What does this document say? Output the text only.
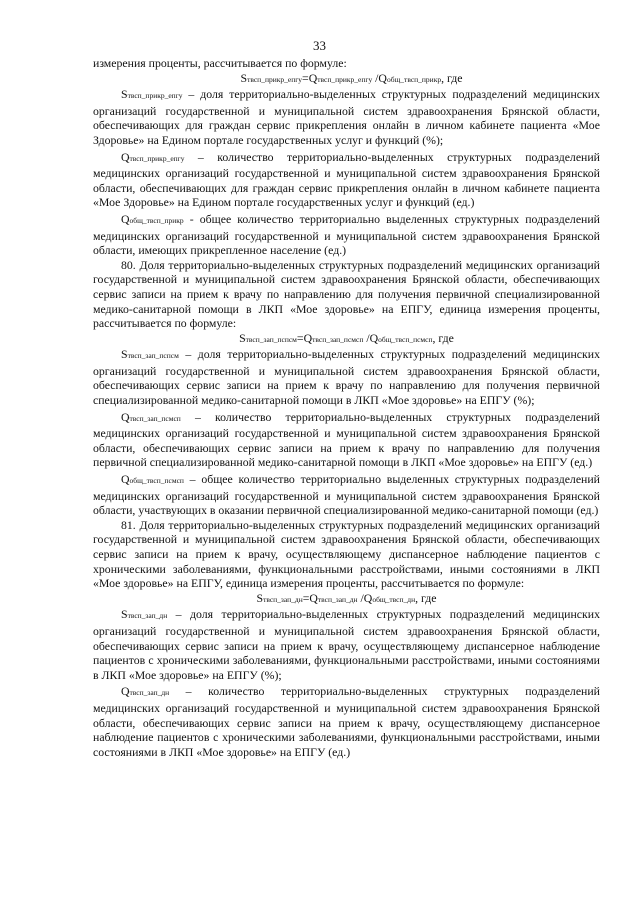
33

измерения проценты, рассчитывается по формуле:

Sтвсп_прикр_епгу=Qтвсп_прикр_епгу /Qобщ_твсп_прикр, где

Sтвсп_прикр_епгу – доля территориально-выделенных структурных подразделений медицинских организаций государственной и муниципальной систем здравоохранения Брянской области, обеспечивающих для граждан сервис прикрепления онлайн в личном кабинете пациента «Мое Здоровье» на Едином портале государственных услуг и функций (%);

Qтвсп_прикр_епгу – количество территориально-выделенных структурных подразделений медицинских организаций государственной и муниципальной систем здравоохранения Брянской области, обеспечивающих для граждан сервис прикрепления онлайн в личном кабинете пациента «Мое Здоровье» на Едином портале государственных услуг и функций (ед.)

Qобщ_твсп_прикр - общее количество территориально выделенных структурных подразделений медицинских организаций государственной и муниципальной систем здравоохранения Брянской области, имеющих прикрепленное население (ед.)

80. Доля территориально-выделенных структурных подразделений медицинских организаций государственной и муниципальной систем здравоохранения Брянской области, обеспечивающих сервис записи на прием к врачу по направлению для получения первичной специализированной медико-санитарной помощи в ЛКП «Мое здоровье» на ЕПГУ, единица измерения проценты, рассчитывается по формуле:

Sтвсп_зап_пспсм=Qтвсп_зап_псмсп /Qобщ_твсп_псмсп, где

Sтвсп_зап_пспсм – доля территориально-выделенных структурных подразделений медицинских организаций государственной и муниципальной систем здравоохранения Брянской области, обеспечивающих сервис записи на прием к врачу по направлению для получения первичной специализированной медико-санитарной помощи в ЛКП «Мое здоровье» на ЕПГУ (%);

Qтвсп_зап_псмсп – количество территориально-выделенных структурных подразделений медицинских организаций государственной и муниципальной систем здравоохранения Брянской области, обеспечивающих сервис записи на прием к врачу по направлению для получения первичной специализированной медико-санитарной помощи в ЛКП «Мое здоровье» на ЕПГУ (ед.)

Qобщ_твсп_псмсп – общее количество территориально выделенных структурных подразделений медицинских организаций государственной и муниципальной систем здравоохранения Брянской области, участвующих в оказании первичной специализированной медико-санитарной помощи (ед.)

81. Доля территориально-выделенных структурных подразделений медицинских организаций государственной и муниципальной систем здравоохранения Брянской области, обеспечивающих сервис записи на прием к врачу, осуществляющему диспансерное наблюдение пациентов с хроническими заболеваниями, функциональными расстройствами, иными состояниями в ЛКП «Мое здоровье» на ЕПГУ, единица измерения проценты, рассчитывается по формуле:

Sтвсп_зап_дн=Qтвсп_зап_дн /Qобщ_твсп_дн, где

Sтвсп_зап_дн – доля территориально-выделенных структурных подразделений медицинских организаций государственной и муниципальной систем здравоохранения Брянской области, обеспечивающих сервис записи на прием к врачу, осуществляющему диспансерное наблюдение пациентов с хроническими заболеваниями, функциональными расстройствами, иными состояниями в ЛКП «Мое здоровье» на ЕПГУ (%);

Qтвсп_зап_дн – количество территориально-выделенных структурных подразделений медицинских организаций государственной и муниципальной систем здравоохранения Брянской области, обеспечивающих сервис записи на прием к врачу, осуществляющему диспансерное наблюдение пациентов с хроническими заболеваниями, функциональными расстройствами, иными состояниями в ЛКП «Мое здоровье» на ЕПГУ (ед.)
